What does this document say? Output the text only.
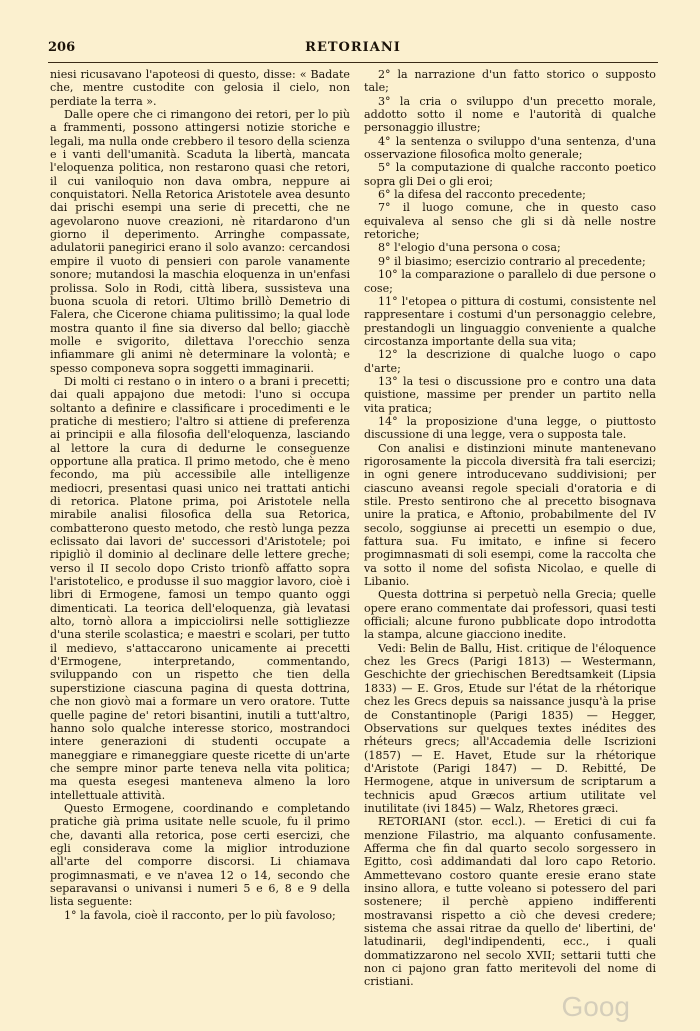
206	RETORIANI

niesi ricusavano l'apoteosi di questo, disse: « Badate che, mentre custodite con gelosia il cielo, non perdiate la terra ».

Dalle opere che ci rimangono dei retori, per lo più a frammenti, possono attingersi notizie storiche e legali, ma nulla onde crebbero il tesoro della scienza e i vanti dell'umanità. Scaduta la libertà, mancata l'eloquenza politica, non restarono quasi che retori, il cui vaniloquio non dava ombra, neppure ai conquistatori. Nella Retorica Aristotele avea desunto dai prischi esempi una serie di precetti, che ne agevolarono nuove creazioni, nè ritardarono d'un giorno il deperimento. Arringhe compassate, adulatorii panegirici erano il solo avanzo: cercandosi empire il vuoto di pensieri con parole vanamente sonore; mutandosi la maschia eloquenza in un'enfasi prolissa. Solo in Rodi, città libera, sussisteva una buona scuola di retori. Ultimo brillò Demetrio di Falera, che Cicerone chiama pulitissimo; la qual lode mostra quanto il fine sia diverso dal bello; giacchè molle e svigorito, dilettava l'orecchio senza infiammare gli animi nè determinare la volontà; e spesso componeva sopra soggetti immaginarii.

Di molti ci restano o in intero o a brani i precetti; dai quali appajono due metodi: l'uno si occupa soltanto a definire e classificare i procedimenti e le pratiche di mestiero; l'altro si attiene di preferenza ai principii e alla filosofia dell'eloquenza, lasciando al lettore la cura di dedurne le conseguenze opportune alla pratica. Il primo metodo, che è meno fecondo, ma più accessibile alle intelligenze mediocri, presentasi quasi unico nei trattati antichi di retorica. Platone prima, poi Aristotele nella mirabile analisi filosofica della sua Retorica, combatterono questo metodo, che restò lunga pezza eclissato dai lavori de' successori d'Aristotele; poi ripigliò il dominio al declinare delle lettere greche; verso il II secolo dopo Cristo trionfò affatto sopra l'aristotelico, e produsse il suo maggior lavoro, cioè i libri di Ermogene, famosi un tempo quanto oggi dimenticati. La teorica dell'eloquenza, già levatasi alto, tornò allora a impicciolirsi nelle sottigliezze d'una sterile scolastica; e maestri e scolari, per tutto il medievo, s'attaccarono unicamente ai precetti d'Ermogene, interpretando, commentando, sviluppando con un rispetto che tien della superstizione ciascuna pagina di questa dottrina, che non giovò mai a formare un vero oratore. Tutte quelle pagine de' retori bisantini, inutili a tutt'altro, hanno solo qualche interesse storico, mostrandoci intere generazioni di studenti occupate a maneggiare e rimaneggiare queste ricette di un'arte che sempre minor parte teneva nella vita politica; ma questa esegesi manteneva almeno la loro intellettuale attività.

Questo Ermogene, coordinando e completando pratiche già prima usitate nelle scuole, fu il primo che, davanti alla retorica, pose certi esercizi, che egli considerava come la miglior introduzione all'arte del comporre discorsi. Li chiamava progimnasmati, e ve n'avea 12 o 14, secondo che separavansi o univansi i numeri 5 e 6, 8 e 9 della lista seguente:

1° la favola, cioè il racconto, per lo più favoloso;

2° la narrazione d'un fatto storico o supposto tale;

3° la cria o sviluppo d'un precetto morale, addotto sotto il nome e l'autorità di qualche personaggio illustre;

4° la sentenza o sviluppo d'una sentenza, d'una osservazione filosofica molto generale;

5° la computazione di qualche racconto poetico sopra gli Dei o gli eroi;

6° la difesa del racconto precedente;

7° il luogo comune, che in questo caso equivaleva al senso che gli si dà nelle nostre retoriche;

8° l'elogio d'una persona o cosa;

9° il biasimo; esercizio contrario al precedente;

10° la comparazione o parallelo di due persone o cose;

11° l'etopea o pittura di costumi, consistente nel rappresentare i costumi d'un personaggio celebre, prestandogli un linguaggio conveniente a qualche circostanza importante della sua vita;

12° la descrizione di qualche luogo o capo d'arte;

13° la tesi o discussione pro e contro una data quistione, massime per prender un partito nella vita pratica;

14° la proposizione d'una legge, o piuttosto discussione di una legge, vera o supposta tale.

Con analisi e distinzioni minute mantenevano rigorosamente la piccola diversità fra tali esercizi; in ogni genere introducevano suddivisioni; per ciascuno aveansi regole speciali d'oratoria e di stile. Presto sentirono che al precetto bisognava unire la pratica, e Aftonio, probabilmente del IV secolo, soggiunse ai precetti un esempio o due, fattura sua. Fu imitato, e infine si fecero progimnasmati di soli esempi, come la raccolta che va sotto il nome del sofista Nicolao, e quelle di Libanio.

Questa dottrina si perpetuò nella Grecia; quelle opere erano commentate dai professori, quasi testi officiali; alcune furono pubblicate dopo introdotta la stampa, alcune giacciono inedite.

Vedi: Belin de Ballu, Hist. critique de l'éloquence chez les Grecs (Parigi 1813) — Westermann, Geschichte der griechischen Beredtsamkeit (Lipsia 1833) — E. Gros, Etude sur l'état de la rhétorique chez les Grecs depuis sa naissance jusqu'à la prise de Constantinople (Parigi 1835) — Hegger, Observations sur quelques textes inédites des rhéteurs grecs; all'Accademia delle Iscrizioni (1857) — E. Havet, Etude sur la rhétorique d'Aristote (Parigi 1847) — D. Rebitté, De Hermogene, atque in universum de scriptarum a technicis apud Græcos artium utilitate vel inutilitate (ivi 1845) — Walz, Rhetores græci.

RETORIANI (stor. eccl.). — Eretici di cui fa menzione Filastrio, ma alquanto confusamente. Afferma che fin dal quarto secolo sorgessero in Egitto, così addimandati dal loro capo Retorio. Ammettevano costoro quante eresie erano state insino allora, e tutte voleano si potessero del pari sostenere; il perchè appieno indifferenti mostravansi rispetto a ciò che devesi credere; sistema che assai ritrae da quello de' libertini, de' latudinarii, degl'indipendenti, ecc., i quali dommatizzarono nel secolo XVII; settarii tutti che non ci pajono gran fatto meritevoli del nome di cristiani.

Goog
